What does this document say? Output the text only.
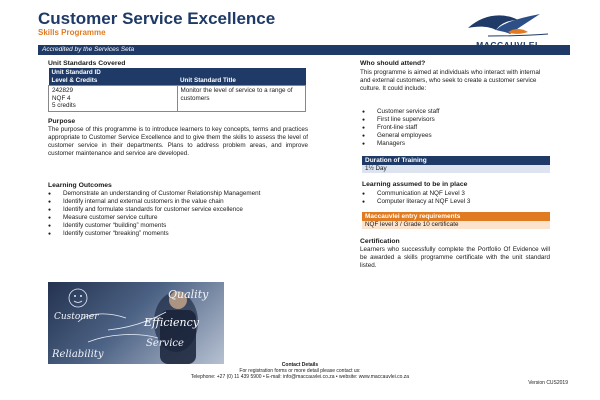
Customer Service Excellence
Skills Programme
Accredited by the Services Seta
Unit Standards Covered
Unit Standard ID
Level & Credits	Unit Standard Title
242829
NQF 4
5 credits	Monitor the level of service to a range of customers
Purpose
The purpose of this programme is to introduce learners to key concepts, terms and practices appropriate to Customer Service Excellence and to give them the skills to assess the level of customer service in their departments. Plans to address problem areas, and improve customer maintenance and service are developed.
Learning Outcomes
● Demonstrate an understanding of Customer Relationship Management
● Identify internal and external customers in the value chain
● Identify and formulate standards for customer service excellence
● Measure customer service culture
● Identify customer “building” moments
● Identify customer “breaking” moments
Quality
Customer	Efficiency
Service
Reliability
Who should attend?
This programme is aimed at individuals who interact with internal and external customers, who seek to create a customer service culture. It could include:
● Customer service staff
● First line supervisors
● Front-line staff
● General employees
● Managers
Duration of Training
1½ Day
Learning assumed to be in place
● Communication at NQF Level 3
● Computer literacy at NQF Level 3
Maccauvlei entry requirements
NQF level 3 / Grade 10 certificate
Certification
Learners who successfully complete the Portfolio Of Evidence will be awarded a skills programme certificate with the unit standard listed.
Contact Details
For registration forms or more detail please contact us:
Telephone: +27 (0) 11 439 5900 • E-mail: info@maccauvlei.co.za • website: www.maccauvlei.co.za
Version CUS2019
